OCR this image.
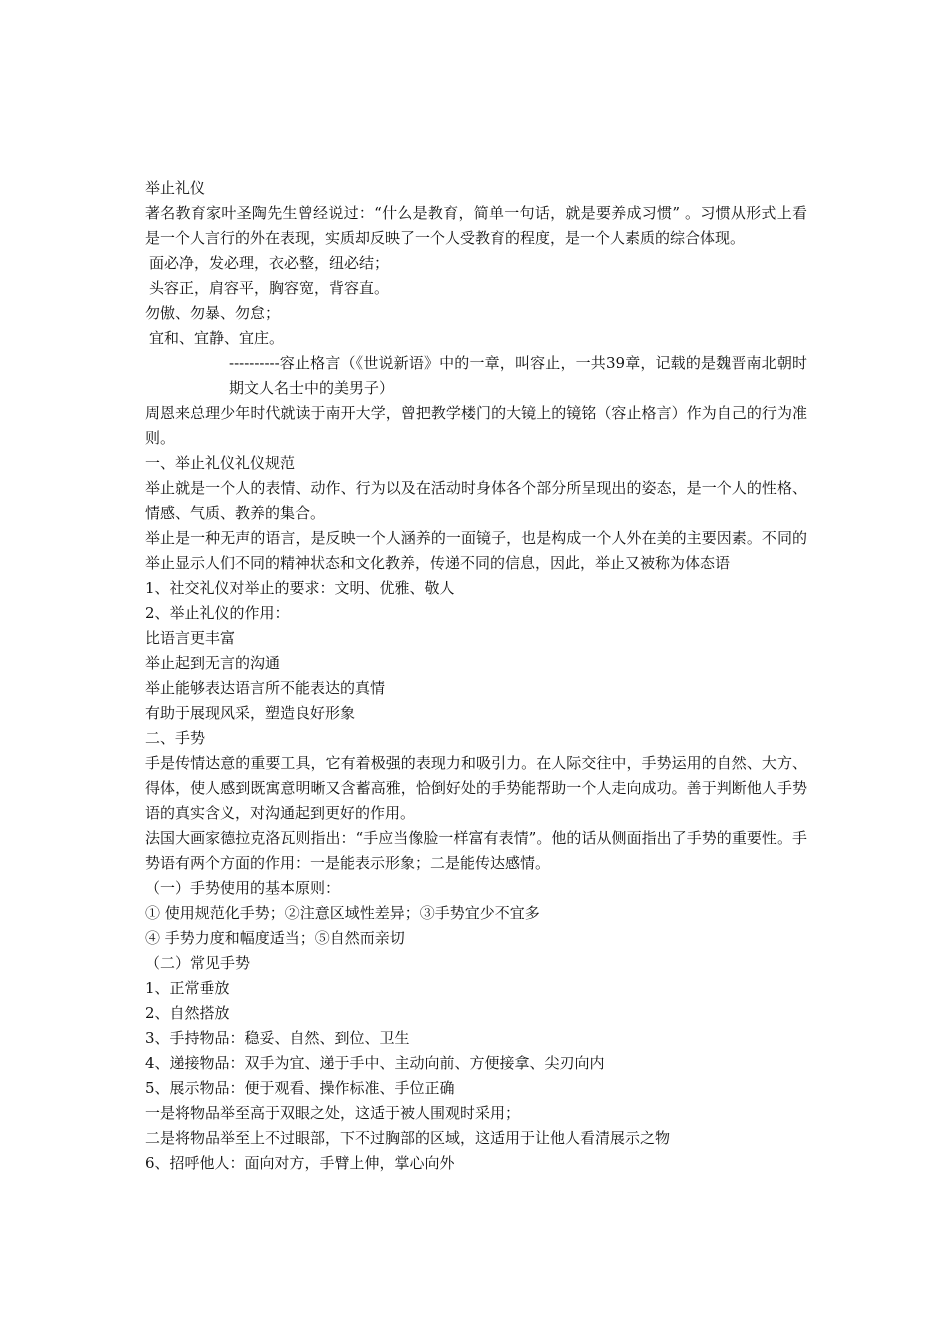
举止礼仪

著名教育家叶圣陶先生曾经说过：“什么是教育，简单一句话，就是要养成习惯” 。习惯从形式上看是一个人言行的外在表现，实质却反映了一个人受教育的程度，是一个人素质的综合体现。

面必净，发必理，衣必整，纽必结；

头容正，肩容平，胸容宽，背容直。

勿傲、勿暴、勿怠；

宜和、宜静、宜庄。

----------容止格言（《世说新语》中的一章，叫容止，一共39章，记载的是魏晋南北朝时期文人名士中的美男子）

周恩来总理少年时代就读于南开大学，曾把教学楼门的大镜上的镜铭（容止格言）作为自己的行为准则。

一、举止礼仪礼仪规范

举止就是一个人的表情、动作、行为以及在活动时身体各个部分所呈现出的姿态，是一个人的性格、情感、气质、教养的集合。

举止是一种无声的语言，是反映一个人涵养的一面镜子，也是构成一个人外在美的主要因素。不同的举止显示人们不同的精神状态和文化教养，传递不同的信息，因此，举止又被称为体态语

1、社交礼仪对举止的要求：文明、优雅、敬人

2、举止礼仪的作用：

比语言更丰富

举止起到无言的沟通

举止能够表达语言所不能表达的真情

有助于展现风采，塑造良好形象

二、手势

手是传情达意的重要工具，它有着极强的表现力和吸引力。在人际交往中，手势运用的自然、大方、得体，使人感到既寓意明晰又含蓄高雅，恰倒好处的手势能帮助一个人走向成功。善于判断他人手势语的真实含义，对沟通起到更好的作用。

法国大画家德拉克洛瓦则指出：“手应当像脸一样富有表情”。他的话从侧面指出了手势的重要性。手势语有两个方面的作用：一是能表示形象；二是能传达感情。

（一）手势使用的基本原则：

① 使用规范化手势；②注意区域性差异；③手势宜少不宜多

④ 手势力度和幅度适当；⑤自然而亲切

（二）常见手势

1、正常垂放

2、自然搭放

3、手持物品：稳妥、自然、到位、卫生

4、递接物品：双手为宜、递于手中、主动向前、方便接拿、尖刃向内

5、展示物品：便于观看、操作标准、手位正确

一是将物品举至高于双眼之处，这适于被人围观时采用；

二是将物品举至上不过眼部，下不过胸部的区域，这适用于让他人看清展示之物

6、招呼他人：面向对方，手臂上伸，掌心向外
